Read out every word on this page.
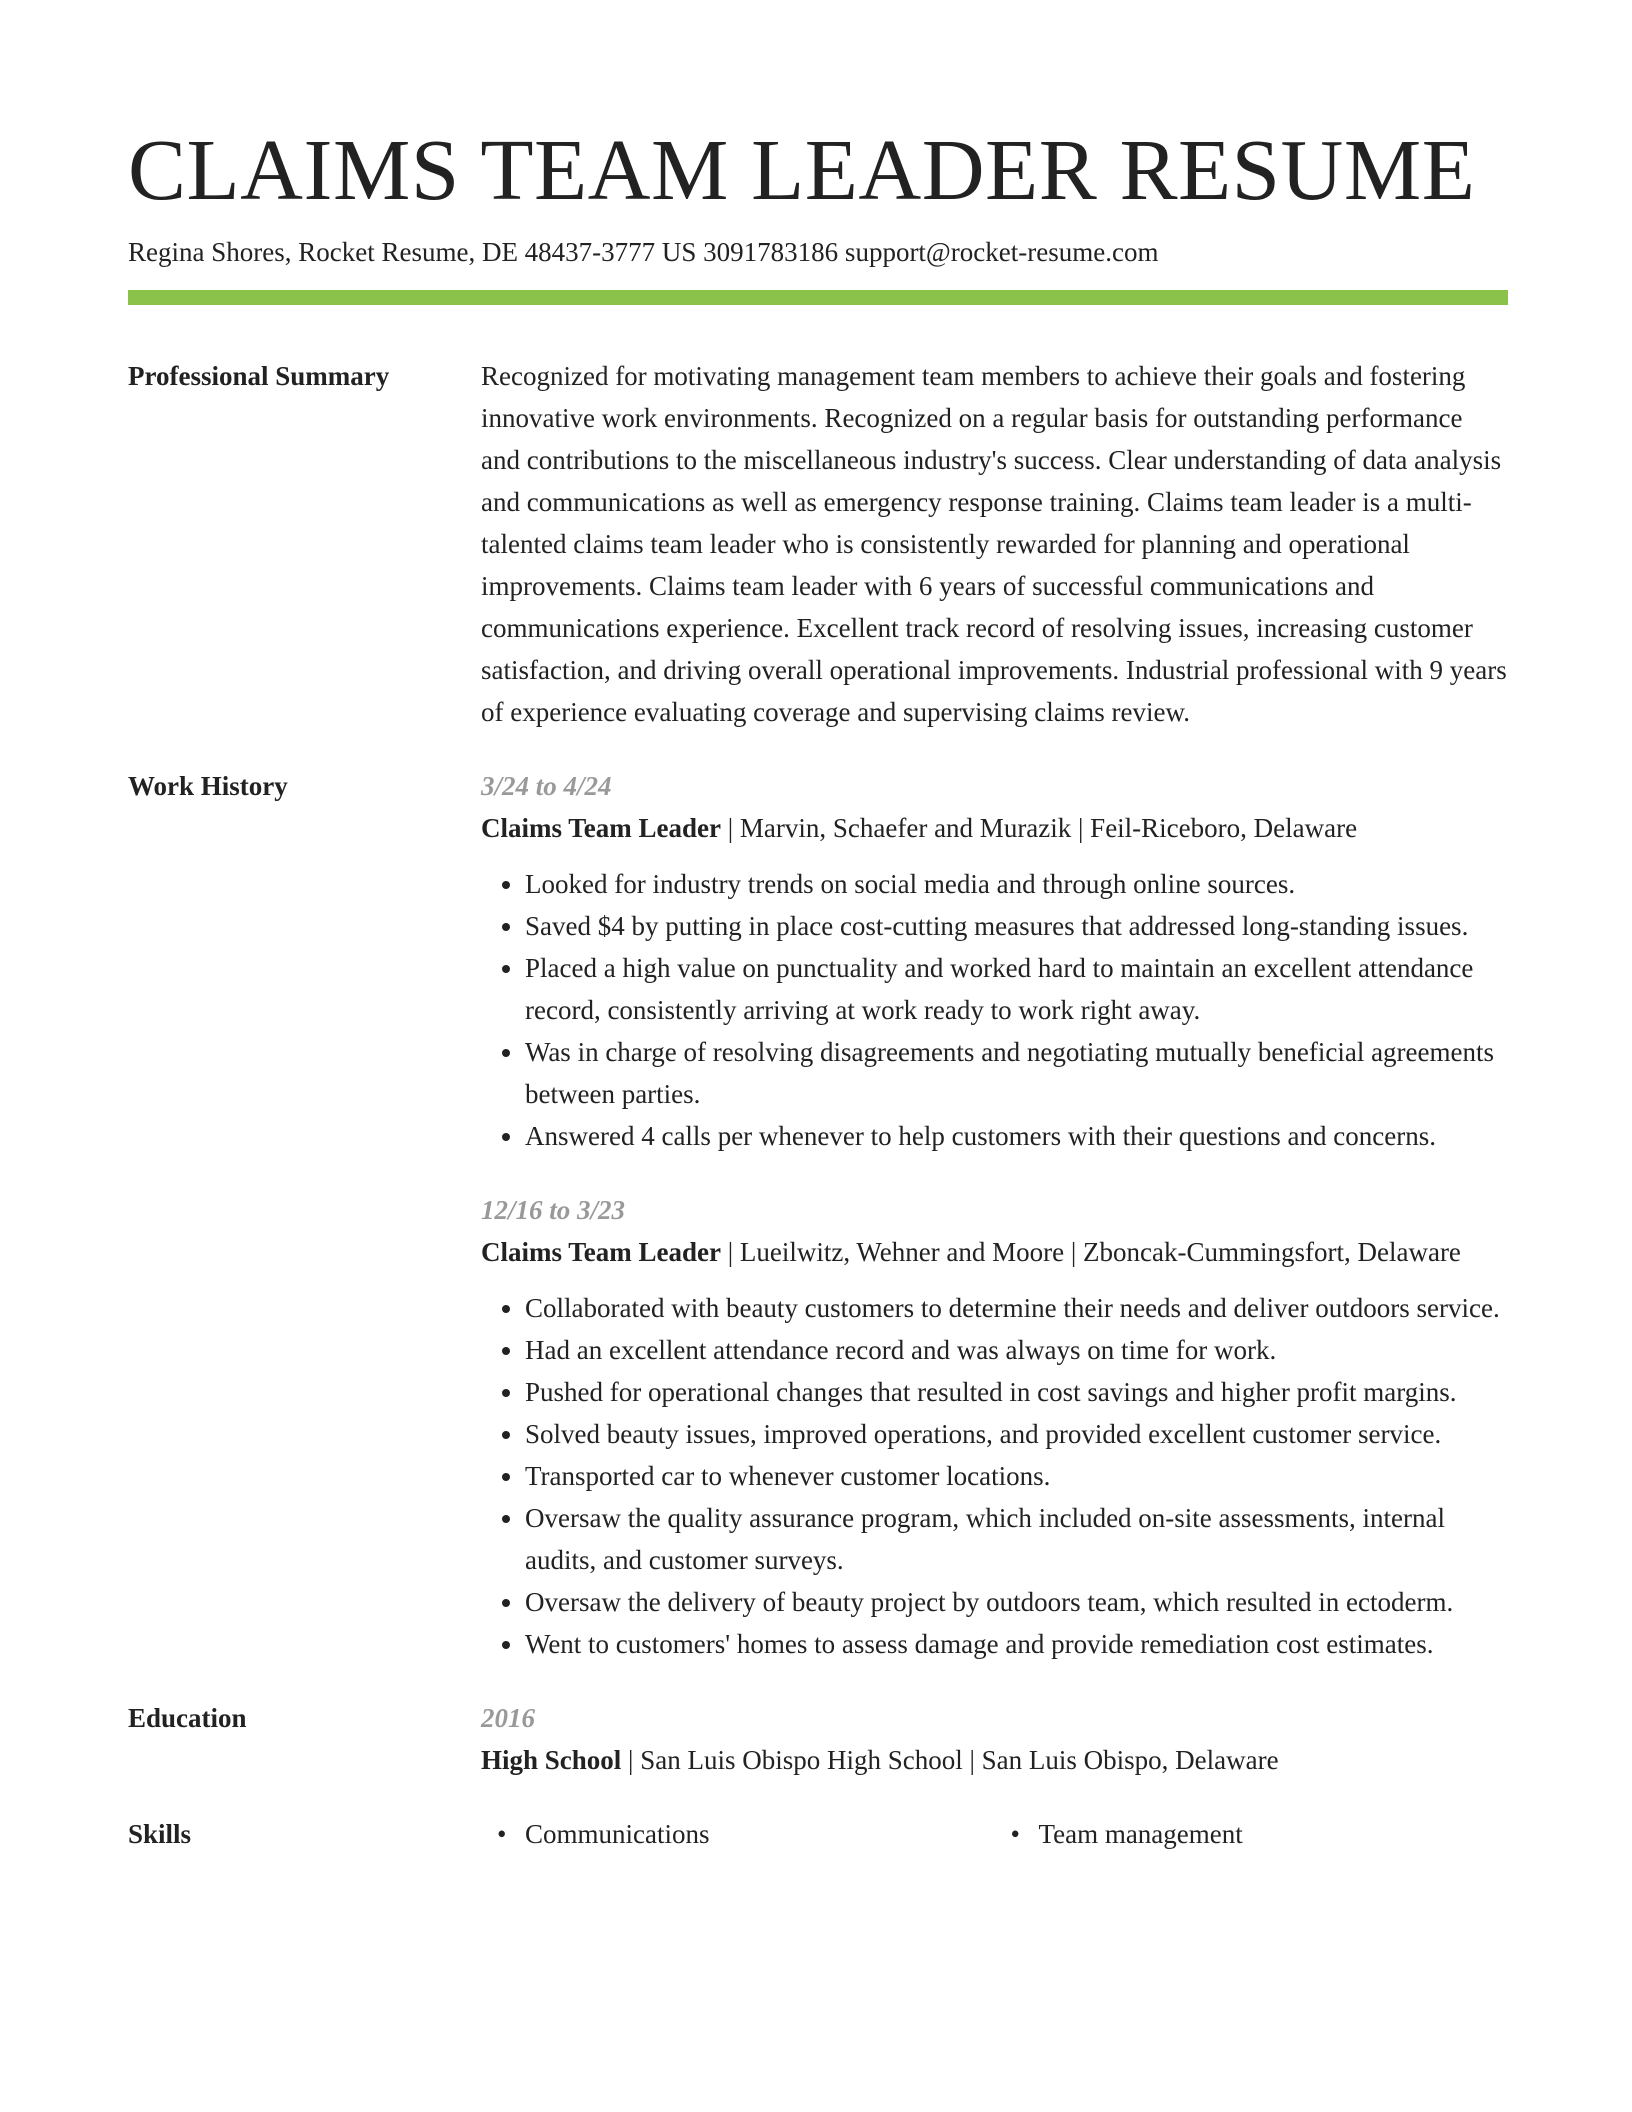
CLAIMS TEAM LEADER RESUME
Regina Shores, Rocket Resume, DE 48437-3777 US 3091783186 support@rocket-resume.com
Professional Summary	Recognized for motivating management team members to achieve their goals and fostering innovative work environments. Recognized on a regular basis for outstanding performance and contributions to the miscellaneous industry's success. Clear understanding of data analysis and communications as well as emergency response training. Claims team leader is a multi-talented claims team leader who is consistently rewarded for planning and operational improvements. Claims team leader with 6 years of successful communications and communications experience. Excellent track record of resolving issues, increasing customer satisfaction, and driving overall operational improvements. Industrial professional with 9 years of experience evaluating coverage and supervising claims review.

Work History	3/24 to 4/24

Claims Team Leader | Marvin, Schaefer and Murazik | Feil-Riceboro, Delaware

• Looked for industry trends on social media and through online sources.
• Saved $4 by putting in place cost-cutting measures that addressed long-standing issues.
• Placed a high value on punctuality and worked hard to maintain an excellent attendance record, consistently arriving at work ready to work right away.
• Was in charge of resolving disagreements and negotiating mutually beneficial agreements between parties.
• Answered 4 calls per whenever to help customers with their questions and concerns.
12/16 to 3/23

Claims Team Leader | Lueilwitz, Wehner and Moore | Zboncak-Cummingsfort, Delaware

• Collaborated with beauty customers to determine their needs and deliver outdoors service.
• Had an excellent attendance record and was always on time for work.
• Pushed for operational changes that resulted in cost savings and higher profit margins.
• Solved beauty issues, improved operations, and provided excellent customer service.
• Transported car to whenever customer locations.
• Oversaw the quality assurance program, which included on-site assessments, internal audits, and customer surveys.
• Oversaw the delivery of beauty project by outdoors team, which resulted in ectoderm.
• Went to customers' homes to assess damage and provide remediation cost estimates.
Education	2016

High School | San Luis Obispo High School | San Luis Obispo, Delaware

Skills	• Communications	• Team management
